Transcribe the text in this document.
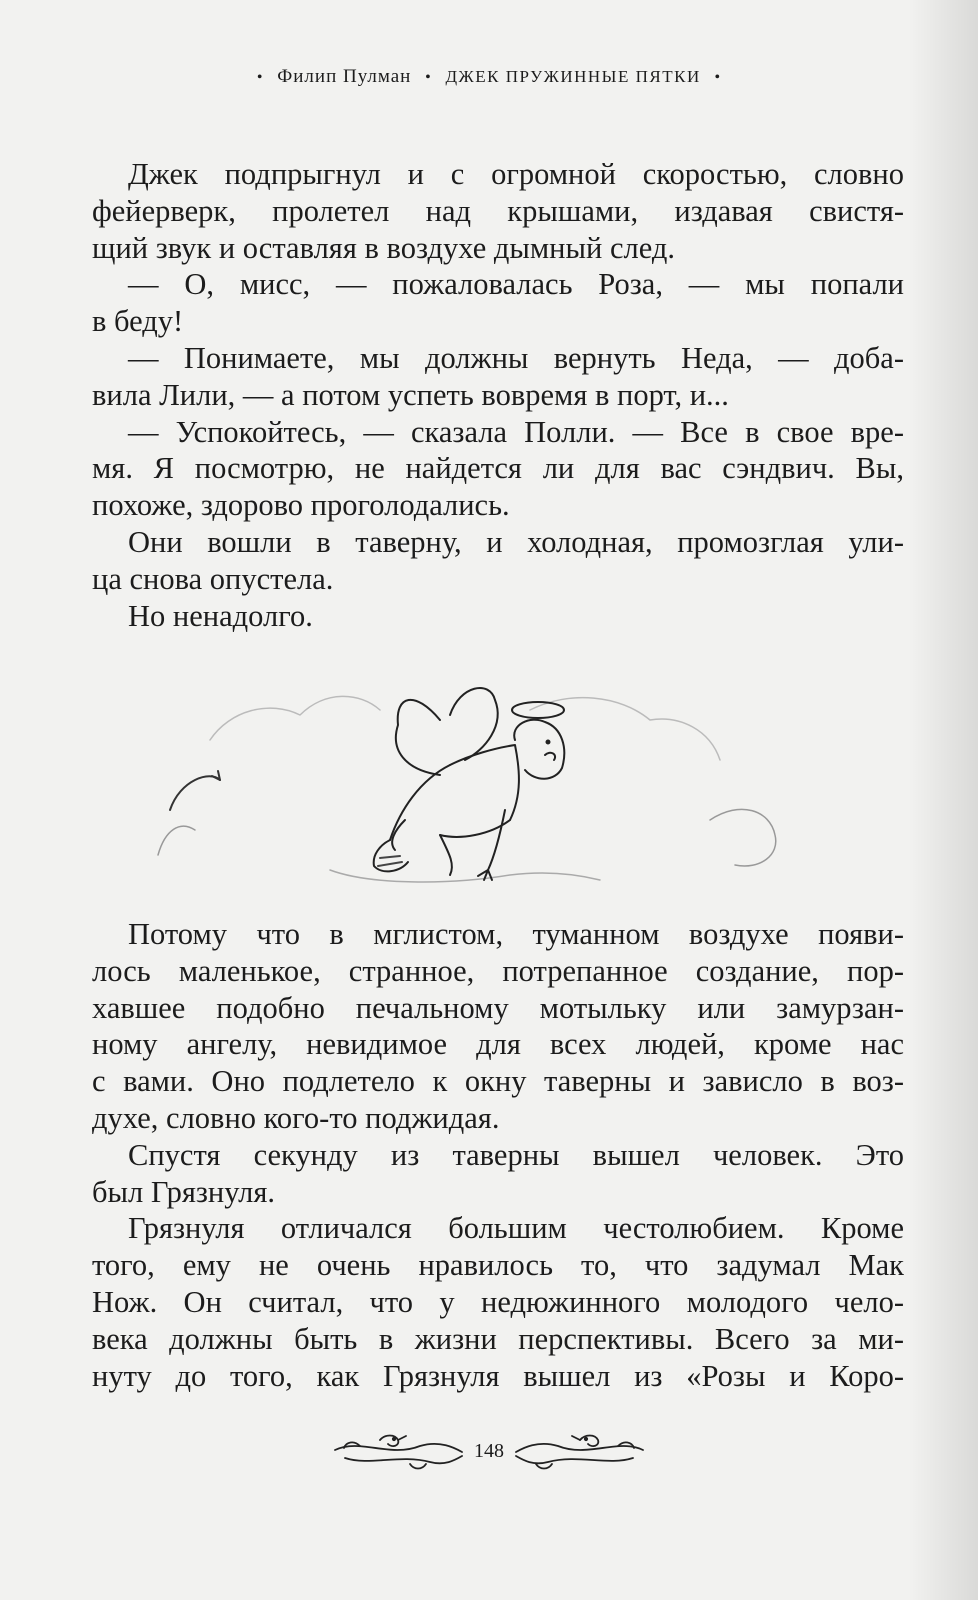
• Филип Пулман • ДЖЕК ПРУЖИННЫЕ ПЯТКИ •
Джек подпрыгнул и с огромной скоростью, словно
фейерверк, пролетел над крышами, издавая свистя-
щий звук и оставляя в воздухе дымный след.
— О, мисс, — пожаловалась Роза, — мы попали
в беду!
— Понимаете, мы должны вернуть Неда, — доба-
вила Лили, — а потом успеть вовремя в порт, и...
— Успокойтесь, — сказала Полли. — Все в свое вре-
мя. Я посмотрю, не найдется ли для вас сэндвич. Вы,
похоже, здорово проголодались.
Они вошли в таверну, и холодная, промозглая ули-
ца снова опустела.
Но ненадолго.
Потому что в мглистом, туманном воздухе появи-
лось маленькое, странное, потрепанное создание, пор-
хавшее подобно печальному мотыльку или замурзан-
ному ангелу, невидимое для всех людей, кроме нас
с вами. Оно подлетело к окну таверны и зависло в воз-
духе, словно кого-то поджидая.
Спустя секунду из таверны вышел человек. Это
был Грязнуля.
Грязнуля отличался большим честолюбием. Кроме
того, ему не очень нравилось то, что задумал Мак
Нож. Он считал, что у недюжинного молодого чело-
века должны быть в жизни перспективы. Всего за ми-
нуту до того, как Грязнуля вышел из «Розы и Коро-
148
